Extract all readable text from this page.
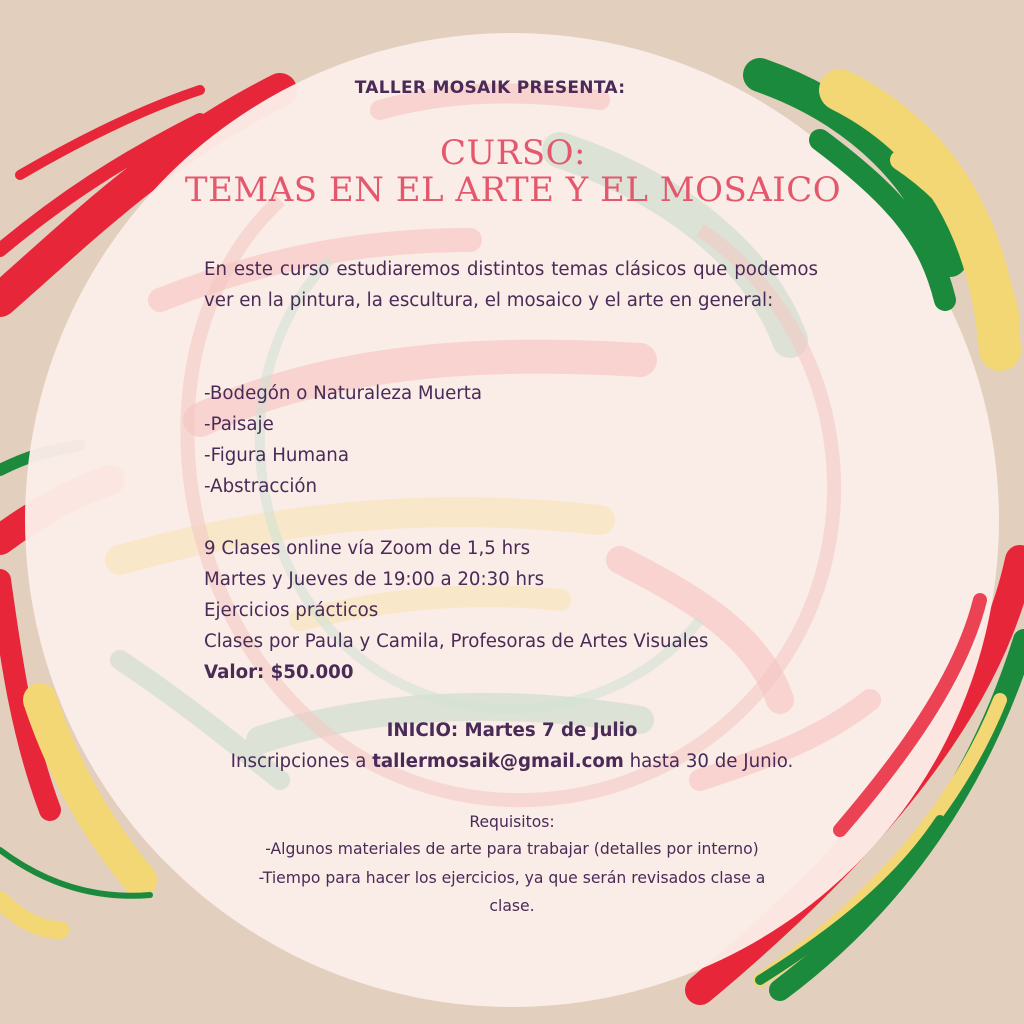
TALLER MOSAIK PRESENTA:

CURSO:
TEMAS EN EL ARTE Y EL MOSAICO

En este curso estudiaremos distintos temas clásicos que podemos ver en la pintura, la escultura, el mosaico y el arte en general:

-Bodegón o Naturaleza Muerta
-Paisaje
-Figura Humana
-Abstracción
9 Clases online vía Zoom de 1,5 hrs
Martes y Jueves de 19:00 a 20:30 hrs
Ejercicios prácticos
Clases por Paula y Camila, Profesoras de Artes Visuales
Valor: $50.000
INICIO: Martes 7 de Julio
Inscripciones a tallermosaik@gmail.com hasta 30 de Junio.
Requisitos:
-Algunos materiales de arte para trabajar (detalles por interno)
-Tiempo para hacer los ejercicios, ya que serán revisados clase a
clase.
